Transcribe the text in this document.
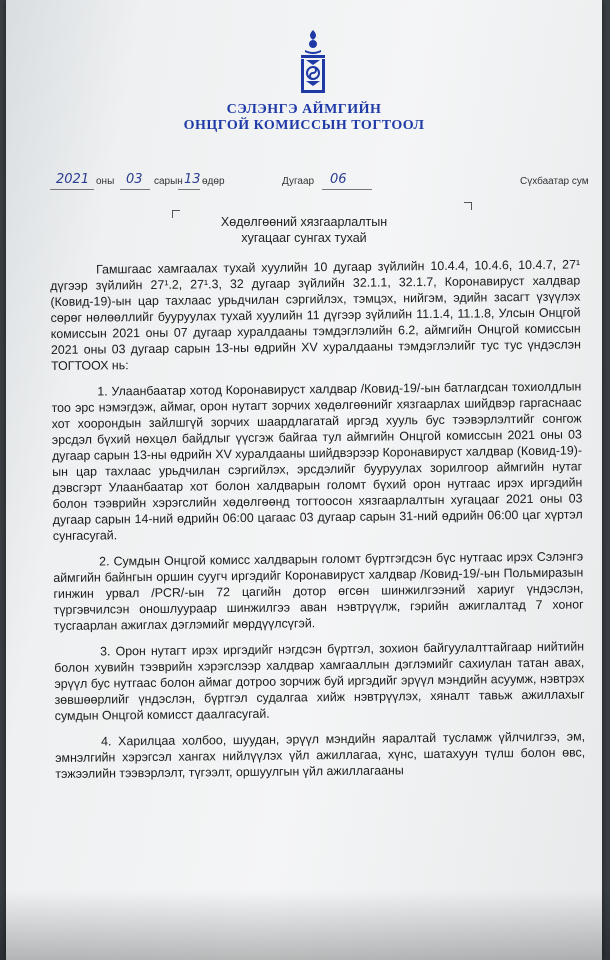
СЭЛЭНГЭ АЙМГИЙН
ОНЦГОЙ КОМИССЫН ТОГТООЛ
2021 оны 03 сарын 13 өдөр	Дугаар 06	Сүхбаатар сум
Хөдөлгөөний хязгаарлалтын
хугацааг сунгах тухай

Гамшгаас хамгаалах тухай хуулийн 10 дугаар зүйлийн 10.4.4, 10.4.6, 10.4.7, 27¹ дүгээр зүйлийн 27¹.2, 27¹.3, 32 дугаар зүйлийн 32.1.1, 32.1.7, Коронавируст халдвар (Ковид-19)-ын цар тахлаас урьдчилан сэргийлэх, тэмцэх, нийгэм, эдийн засагт үзүүлэх сөрөг нөлөөллийг бууруулах тухай хуулийн 11 дүгээр зүйлийн 11.1.4, 11.1.8, Улсын Онцгой комиссын 2021 оны 07 дугаар хуралдааны тэмдэглэлийн 6.2, аймгийн Онцгой комиссын 2021 оны 03 дугаар сарын 13-ны өдрийн XV хуралдааны тэмдэглэлийг тус тус үндэслэн ТОГТООХ нь:

1. Улаанбаатар хотод Коронавируст халдвар /Ковид-19/-ын батлагдсан тохиолдлын тоо эрс нэмэгдэж, аймаг, орон нутагт зорчих хөдөлгөөнийг хязгаарлах шийдвэр гаргаснаас хот хоорондын зайлшгүй зорчих шаардлагатай иргэд хууль бус тээвэрлэлтийг сонгож эрсдэл бүхий нөхцөл байдлыг үүсгэж байгаа тул аймгийн Онцгой комиссын 2021 оны 03 дугаар сарын 13-ны өдрийн XV хуралдааны шийдвэрээр Коронавируст халдвар (Ковид-19)-ын цар тахлаас урьдчилан сэргийлэх, эрсдэлийг бууруулах зорилгоор аймгийн нутаг дэвсгэрт Улаанбаатар хот болон халдварын голомт бүхий орон нутгаас ирэх иргэдийн болон тээврийн хэрэгслийн хөдөлгөөнд тогтоосон хязгаарлалтын хугацааг 2021 оны 03 дугаар сарын 14-ний өдрийн 06:00 цагаас 03 дугаар сарын 31-ний өдрийн 06:00 цаг хүртэл сунгасугай.

2. Сумдын Онцгой комисс халдварын голомт бүртгэгдсэн бүс нутгаас ирэх Сэлэнгэ аймгийн байнгын оршин суугч иргэдийг Коронавируст халдвар /Ковид-19/-ын Польмиразын гинжин урвал /PCR/-ын 72 цагийн дотор өгсөн шинжилгээний хариуг үндэслэн, түргэвчилсэн оношлуураар шинжилгээ аван нэвтрүүлж, гэрийн ажиглалтад 7 хоног тусгаарлан ажиглах дэглэмийг мөрдүүлсүгэй.

3. Орон нутагт ирэх иргэдийг нэгдсэн бүртгэл, зохион байгуулалттайгаар нийтийн болон хувийн тээврийн хэрэгслээр халдвар хамгааллын дэглэмийг сахиулан татан авах, эрүүл бус нутгаас болон аймаг дотроо зорчиж буй иргэдийг эрүүл мэндийн асуумж, нэвтрэх зөвшөөрлийг үндэслэн, бүртгэл судалгаа хийж нэвтрүүлэх, хяналт тавьж ажиллахыг сумдын Онцгой комисст даалгасугай.

4. Харилцаа холбоо, шуудан, эрүүл мэндийн яаралтай тусламж үйлчилгээ, эм, эмнэлгийн хэрэгсэл хангах нийлүүлэх үйл ажиллагаа, хүнс, шатахуун түлш болон өвс, тэжээлийн тээвэрлэлт, түгээлт, оршуулгын үйл ажиллагааны
